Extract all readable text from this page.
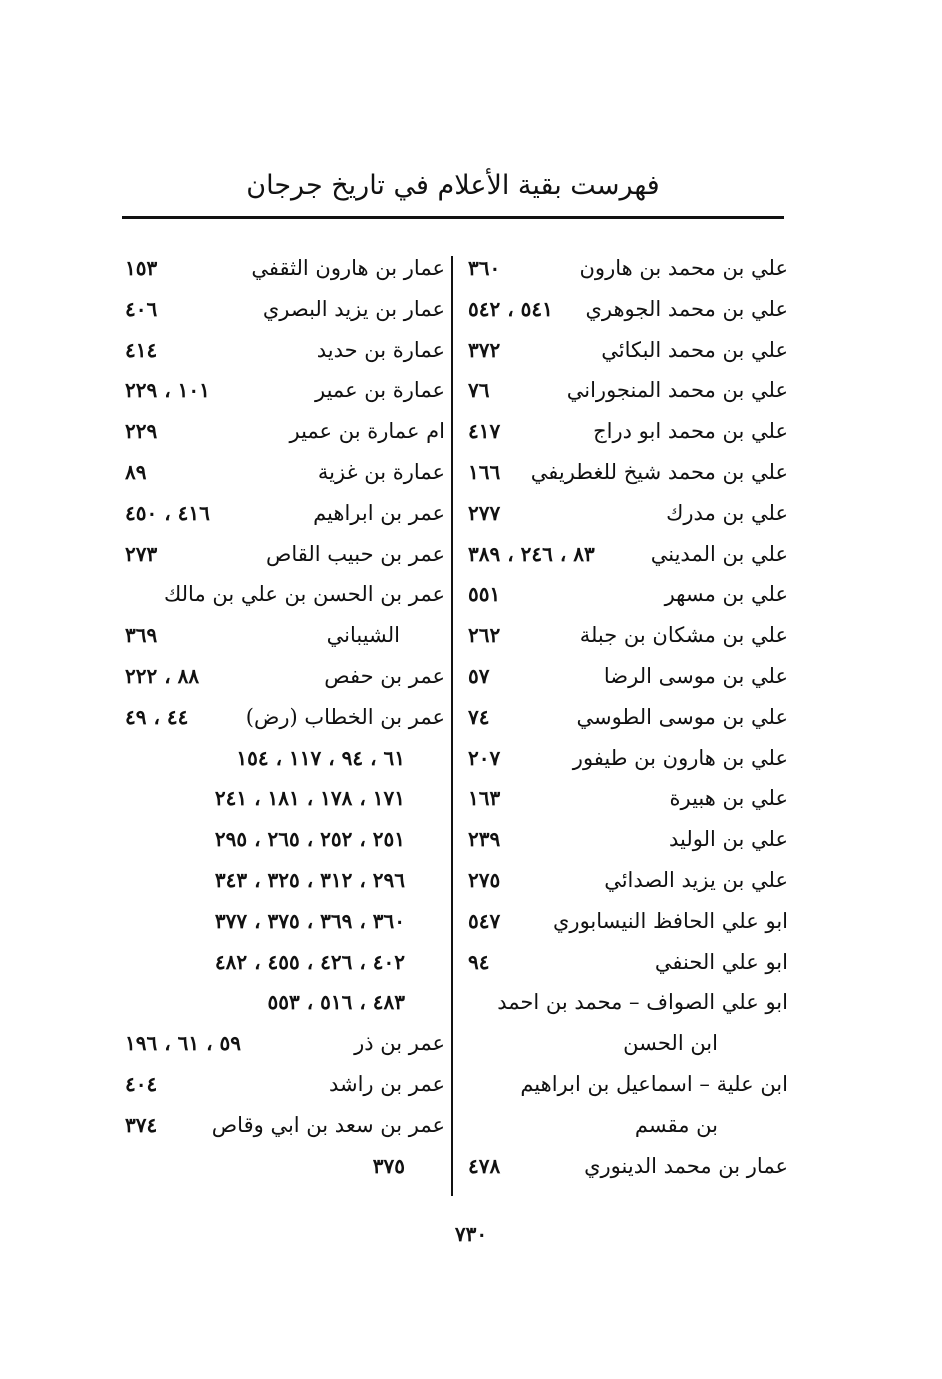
فهرست بقية الأعلام في تاريخ جرجان
علي بن محمد بن هارون
٣٦٠
علي بن محمد الجوهري
٥٤١ ، ٥٤٢
علي بن محمد البكائي
٣٧٢
علي بن محمد المنجوراني
٧٦
علي بن محمد ابو دراج
٤١٧
علي بن محمد شيخ للغطريفي
١٦٦
علي بن مدرك
٢٧٧
علي بن المديني
٨٣ ، ٢٤٦ ، ٣٨٩
علي بن مسهر
٥٥١
علي بن مشكان بن جبلة
٢٦٢
علي بن موسى الرضا
٥٧
علي بن موسى الطوسي
٧٤
علي بن هارون بن طيفور
٢٠٧
علي بن هبيرة
١٦٣
علي بن الوليد
٢٣٩
علي بن يزيد الصدائي
٢٧٥
ابو علي الحافظ النيسابوري
٥٤٧
ابو علي الحنفي
٩٤
ابو علي الصواف – محمد بن احمد
ابن الحسن
ابن علية – اسماعيل بن ابراهيم
بن مقسم
عمار بن محمد الدينوري
٤٧٨
عمار بن هارون الثقفي
١٥٣
عمار بن يزيد البصري
٤٠٦
عمارة بن حديد
٤١٤
عمارة بن عمير
١٠١ ، ٢٢٩
ام عمارة بن عمير
٢٢٩
عمارة بن غزية
٨٩
عمر بن ابراهيم
٤١٦ ، ٤٥٠
عمر بن حبيب القاص
٢٧٣
عمر بن الحسن بن علي بن مالك
الشيباني
٣٦٩
عمر بن حفص
٨٨ ، ٢٢٢
عمر بن الخطاب (رض)
٤٤ ، ٤٩
٦١ ، ٩٤ ، ١١٧ ، ١٥٤
١٧١ ، ١٧٨ ، ١٨١ ، ٢٤١
٢٥١ ، ٢٥٢ ، ٢٦٥ ، ٢٩٥
٢٩٦ ، ٣١٢ ، ٣٢٥ ، ٣٤٣
٣٦٠ ، ٣٦٩ ، ٣٧٥ ، ٣٧٧
٤٠٢ ، ٤٢٦ ، ٤٥٥ ، ٤٨٢
٤٨٣ ، ٥١٦ ، ٥٥٣
عمر بن ذر
٥٩ ، ٦١ ، ١٩٦
عمر بن راشد
٤٠٤
عمر بن سعد بن ابي وقاص
٣٧٤
٣٧٥
٧٣٠
